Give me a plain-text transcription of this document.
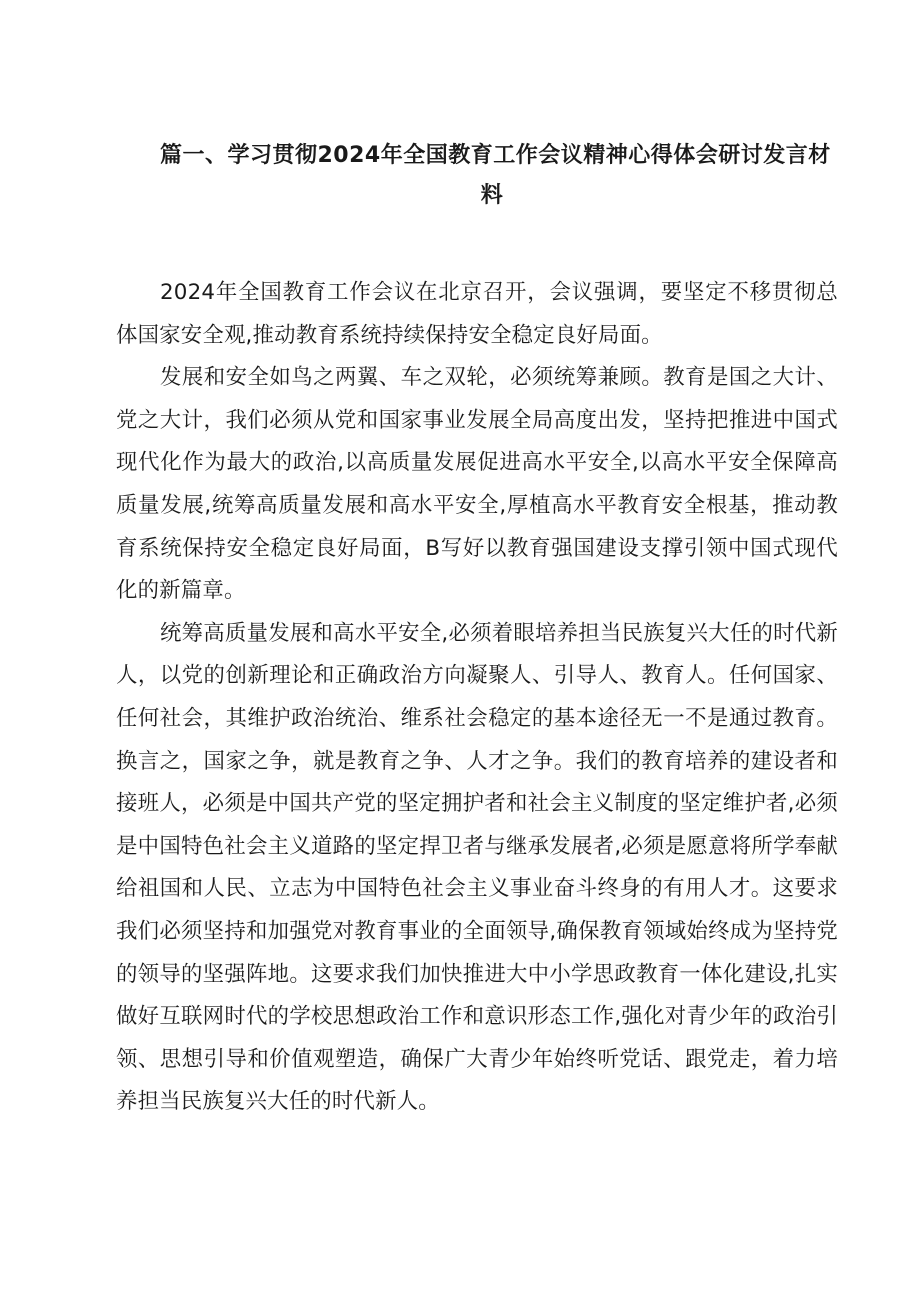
篇一、学习贯彻2024年全国教育工作会议精神心得体会研讨发言材
料

2024年全国教育工作会议在北京召开，会议强调，要坚定不移贯彻总体国家安全观,推动教育系统持续保持安全稳定良好局面。

发展和安全如鸟之两翼、车之双轮，必须统筹兼顾。教育是国之大计、党之大计，我们必须从党和国家事业发展全局高度出发，坚持把推进中国式现代化作为最大的政治,以高质量发展促进高水平安全,以高水平安全保障高质量发展,统筹高质量发展和高水平安全,厚植高水平教育安全根基，推动教育系统保持安全稳定良好局面，B写好以教育强国建设支撑引领中国式现代化的新篇章。

统筹高质量发展和高水平安全,必须着眼培养担当民族复兴大任的时代新人，以党的创新理论和正确政治方向凝聚人、引导人、教育人。任何国家、任何社会，其维护政治统治、维系社会稳定的基本途径无一不是通过教育。换言之，国家之争，就是教育之争、人才之争。我们的教育培养的建设者和接班人，必须是中国共产党的坚定拥护者和社会主义制度的坚定维护者,必须是中国特色社会主义道路的坚定捍卫者与继承发展者,必须是愿意将所学奉献给祖国和人民、立志为中国特色社会主义事业奋斗终身的有用人才。这要求我们必须坚持和加强党对教育事业的全面领导,确保教育领域始终成为坚持党的领导的坚强阵地。这要求我们加快推进大中小学思政教育一体化建设,扎实做好互联网时代的学校思想政治工作和意识形态工作,强化对青少年的政治引领、思想引导和价值观塑造，确保广大青少年始终听党话、跟党走，着力培养担当民族复兴大任的时代新人。
